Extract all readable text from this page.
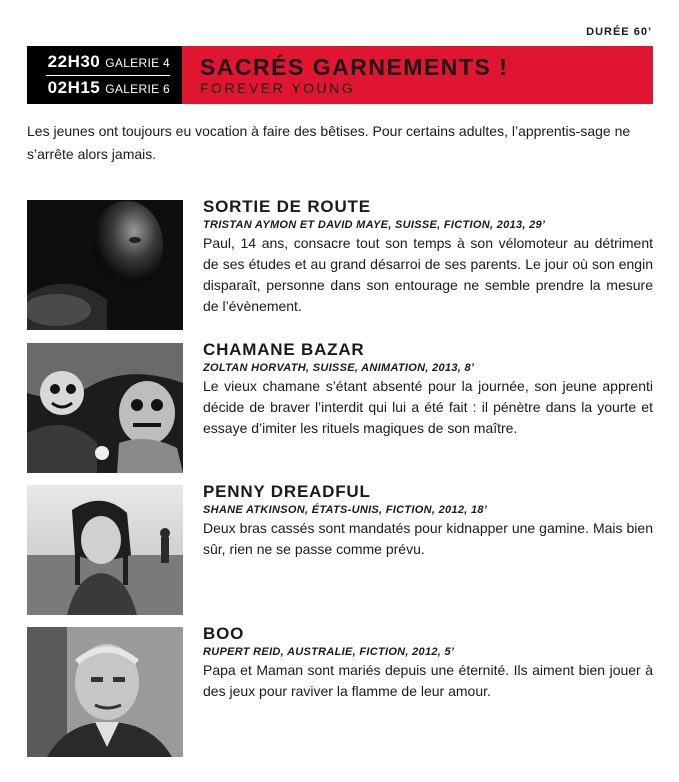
DURÉE 60’
22H30 GALERIE 4
02H15 GALERIE 6
SACRÉS GARNEMENTS !
FOREVER YOUNG
Les jeunes ont toujours eu vocation à faire des bêtises. Pour certains adultes, l’apprentis-sage ne s’arrête alors jamais.
SORTIE DE ROUTE
TRISTAN AYMON ET DAVID MAYE, SUISSE, FICTION, 2013, 29’
Paul, 14 ans, consacre tout son temps à son vélomoteur au détriment de ses études et au grand désarroi de ses parents. Le jour où son engin disparaît, personne dans son entourage ne semble prendre la mesure de l’évènement.
CHAMANE BAZAR
ZOLTAN HORVATH, SUISSE, ANIMATION, 2013, 8’
Le vieux chamane s’étant absenté pour la journée, son jeune apprenti décide de braver l’interdit qui lui a été fait : il pénètre dans la yourte et essaye d’imiter les rituels magiques de son maître.
PENNY DREADFUL
SHANE ATKINSON, ÉTATS-UNIS, FICTION, 2012, 18’
Deux bras cassés sont mandatés pour kidnapper une gamine. Mais bien sûr, rien ne se passe comme prévu.
BOO
RUPERT REID, AUSTRALIE, FICTION, 2012, 5’
Papa et Maman sont mariés depuis une éternité. Ils aiment bien jouer à des jeux pour raviver la flamme de leur amour.
